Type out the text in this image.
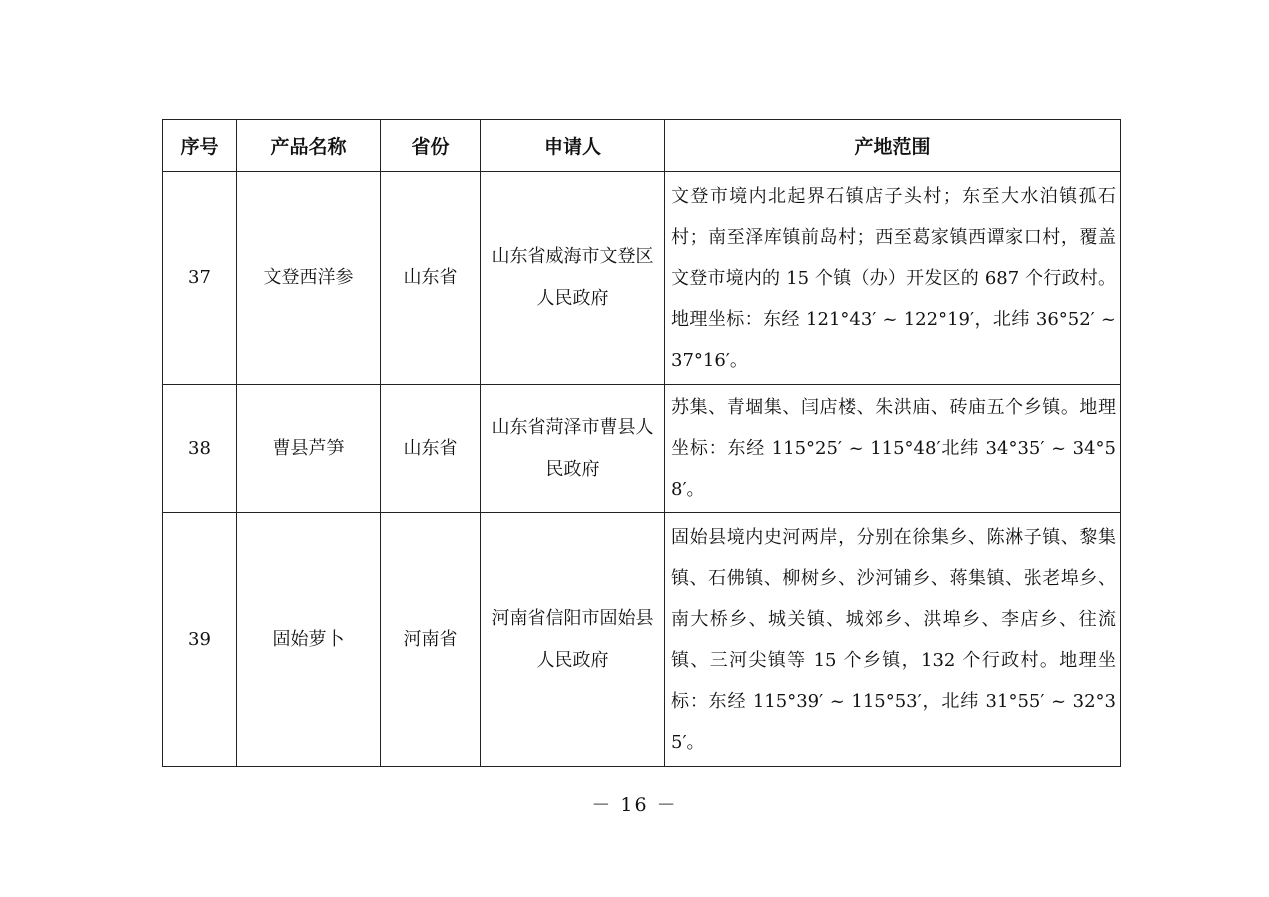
序号	产品名称	省份	申请人	产地范围
37	文登西洋参	山东省	山东省威海市文登区人民政府	文登市境内北起界石镇店子头村；东至大水泊镇孤石村；南至泽库镇前岛村；西至葛家镇西谭家口村，覆盖文登市境内的 15 个镇（办）开发区的 687 个行政村。地理坐标：东经 121°43′ ~ 122°19′，北纬 36°52′ ~ 37°16′。
38	曹县芦笋	山东省	山东省菏泽市曹县人民政府	苏集、青堌集、闫店楼、朱洪庙、砖庙五个乡镇。地理坐标：东经 115°25′ ~ 115°48′北纬 34°35′ ~ 34°58′。
39	固始萝卜	河南省	河南省信阳市固始县人民政府	固始县境内史河两岸，分别在徐集乡、陈淋子镇、黎集镇、石佛镇、柳树乡、沙河铺乡、蒋集镇、张老埠乡、南大桥乡、城关镇、城郊乡、洪埠乡、李店乡、往流镇、三河尖镇等 15 个乡镇，132 个行政村。地理坐标：东经 115°39′ ~ 115°53′，北纬 31°55′ ~ 32°35′。
－ 16 －
